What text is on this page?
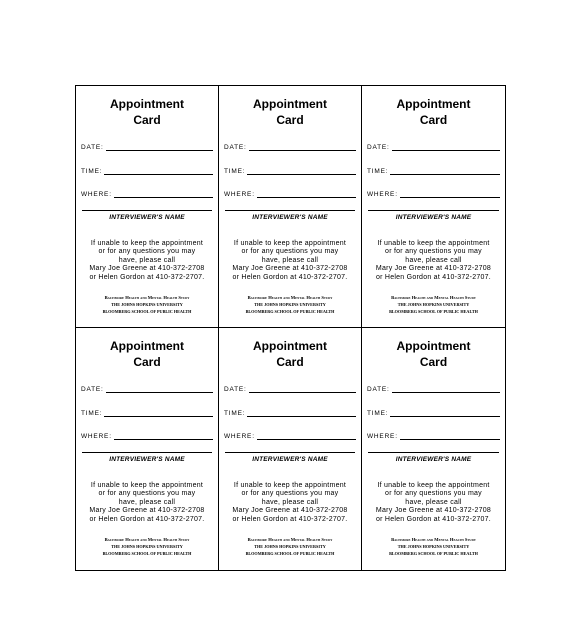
Appointment
Card
DATE:
TIME:
WHERE:
INTERVIEWER'S NAME
If unable to keep the appointment
or for any questions you may
have, please call
Mary Joe Greene at 410-372-2708
or Helen Gordon at 410-372-2707.
Baltimore Health and Mental Health Study
THE JOHNS HOPKINS UNIVERSITY
BLOOMBERG SCHOOL OF PUBLIC HEALTH
Appointment
Card
DATE:
TIME:
WHERE:
INTERVIEWER'S NAME
If unable to keep the appointment
or for any questions you may
have, please call
Mary Joe Greene at 410-372-2708
or Helen Gordon at 410-372-2707.
Baltimore Health and Mental Health Study
THE JOHNS HOPKINS UNIVERSITY
BLOOMBERG SCHOOL OF PUBLIC HEALTH
Appointment
Card
DATE:
TIME:
WHERE:
INTERVIEWER'S NAME
If unable to keep the appointment
or for any questions you may
have, please call
Mary Joe Greene at 410-372-2708
or Helen Gordon at 410-372-2707.
Baltimore Health and Mental Health Study
THE JOHNS HOPKINS UNIVERSITY
BLOOMBERG SCHOOL OF PUBLIC HEALTH
Appointment
Card
DATE:
TIME:
WHERE:
INTERVIEWER'S NAME
If unable to keep the appointment
or for any questions you may
have, please call
Mary Joe Greene at 410-372-2708
or Helen Gordon at 410-372-2707.
Baltimore Health and Mental Health Study
THE JOHNS HOPKINS UNIVERSITY
BLOOMBERG SCHOOL OF PUBLIC HEALTH
Appointment
Card
DATE:
TIME:
WHERE:
INTERVIEWER'S NAME
If unable to keep the appointment
or for any questions you may
have, please call
Mary Joe Greene at 410-372-2708
or Helen Gordon at 410-372-2707.
Baltimore Health and Mental Health Study
THE JOHNS HOPKINS UNIVERSITY
BLOOMBERG SCHOOL OF PUBLIC HEALTH
Appointment
Card
DATE:
TIME:
WHERE:
INTERVIEWER'S NAME
If unable to keep the appointment
or for any questions you may
have, please call
Mary Joe Greene at 410-372-2708
or Helen Gordon at 410-372-2707.
Baltimore Health and Mental Health Study
THE JOHNS HOPKINS UNIVERSITY
BLOOMBERG SCHOOL OF PUBLIC HEALTH
